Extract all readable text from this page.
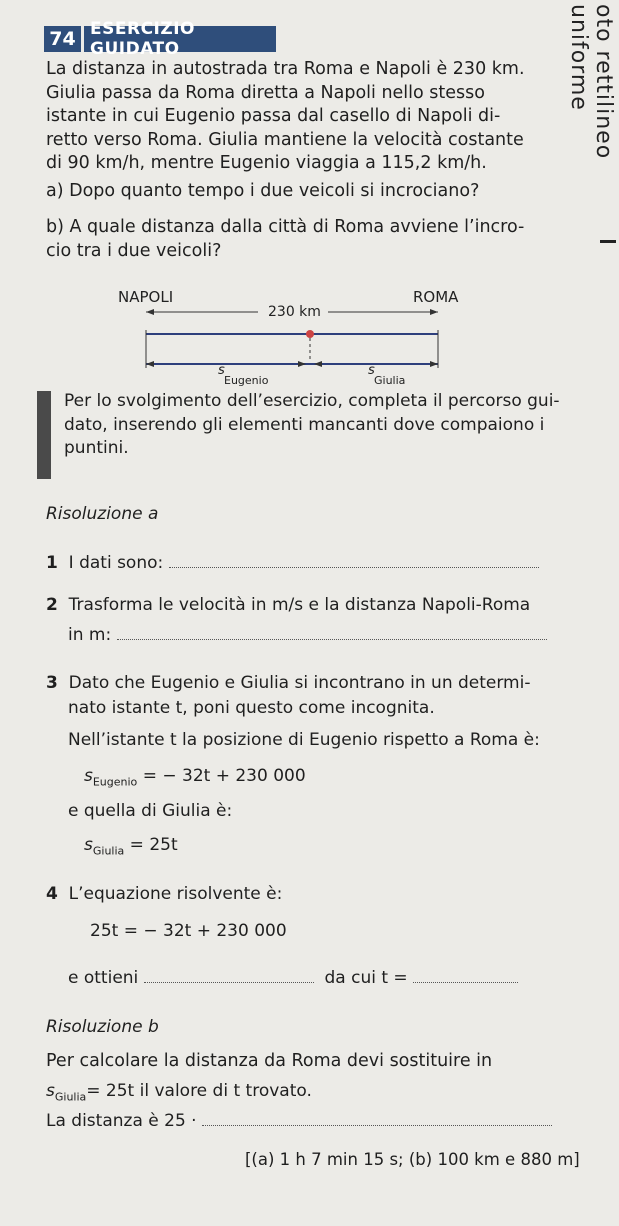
74 ESERCIZIO GUIDATO	oto rettilineo uniforme

La distanza in autostrada tra Roma e Napoli è 230 km.

Giulia passa da Roma diretta a Napoli nello stesso

istante in cui Eugenio passa dal casello di Napoli di-

retto verso Roma. Giulia mantiene la velocità costante

di 90 km/h, mentre Eugenio viaggia a 115,2 km/h.

a) Dopo quanto tempo i due veicoli si incrociano?
b) A quale distanza dalla città di Roma avviene l’incro-
cio tra i due veicoli?
NAPOLI	ROMA
230 km
s
Eugenio
s
Giulia
Per lo svolgimento dell’esercizio, completa il percorso gui-
dato, inserendo gli elementi mancanti dove compaiono i
puntini.
Risoluzione a
1 I dati sono:
2 Trasforma le velocità in m/s e la distanza Napoli-Roma
in m:
3 Dato che Eugenio e Giulia si incontrano in un determi-
nato istante t, poni questo come incognita.
Nell’istante t la posizione di Eugenio rispetto a Roma è:
$s_{Eugenio}$ = − 32t + 230 000
e quella di Giulia è:
$s_{Giulia} = 25t$
4 L’equazione risolvente è:
25t = − 32t + 230 000
e ottieni	da cui t =
Risoluzione b
Per calcolare la distanza da Roma devi sostituire in
$s_{Giulia}= 25t$ il valore di t trovato.
La distanza è 25 ·
[(a) 1 h 7 min 15 s; (b) 100 km e 880 m]
